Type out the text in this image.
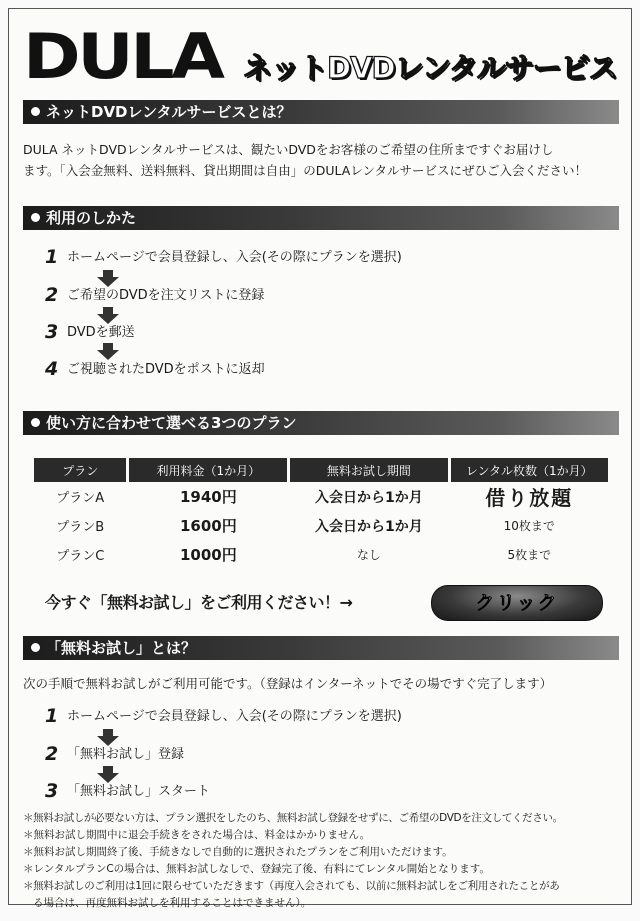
DULA ネットDVDレンタルサービス
ネットDVDレンタルサービスとは？
DULA ネットDVDレンタルサービスは、観たいDVDをお客様のご希望の住所まですぐお届けし
ます。「入会金無料、送料無料、貸出期間は自由」のDULAレンタルサービスにぜひご入会ください！
利用のしかた
1 ホームページで会員登録し、入会(その際にプランを選択)
2 ご希望のDVDを注文リストに登録
3 DVDを郵送
4 ご視聴されたDVDをポストに返却
使い方に合わせて選べる3つのプラン
プラン	利用料金（1か月）	無料お試し期間	レンタル枚数（1か月）
プランA	1940円	入会日から1か月	借り放題
プランB	1600円	入会日から1か月	10枚まで
プランC	1000円	なし	5枚まで
今すぐ「無料お試し」をご利用ください！→	クリック
「無料お試し」とは？
次の手順で無料お試しがご利用可能です。（登録はインターネットでその場ですぐ完了します）
1 ホームページで会員登録し、入会(その際にプランを選択)
2 「無料お試し」登録
3 「無料お試し」スタート
＊無料お試しが必要ない方は、プラン選択をしたのち、無料お試し登録をせずに、ご希望のDVDを注文してください。
＊無料お試し期間中に退会手続きをされた場合は、料金はかかりません。
＊無料お試し期間終了後、手続きなしで自動的に選択されたプランをご利用いただけます。
＊レンタルプランCの場合は、無料お試しなしで、登録完了後、有料にてレンタル開始となります。
＊無料お試しのご利用は1回に限らせていただきます（再度入会されても、以前に無料お試しをご利用されたことがあ
る場合は、再度無料お試しを利用することはできません）。
